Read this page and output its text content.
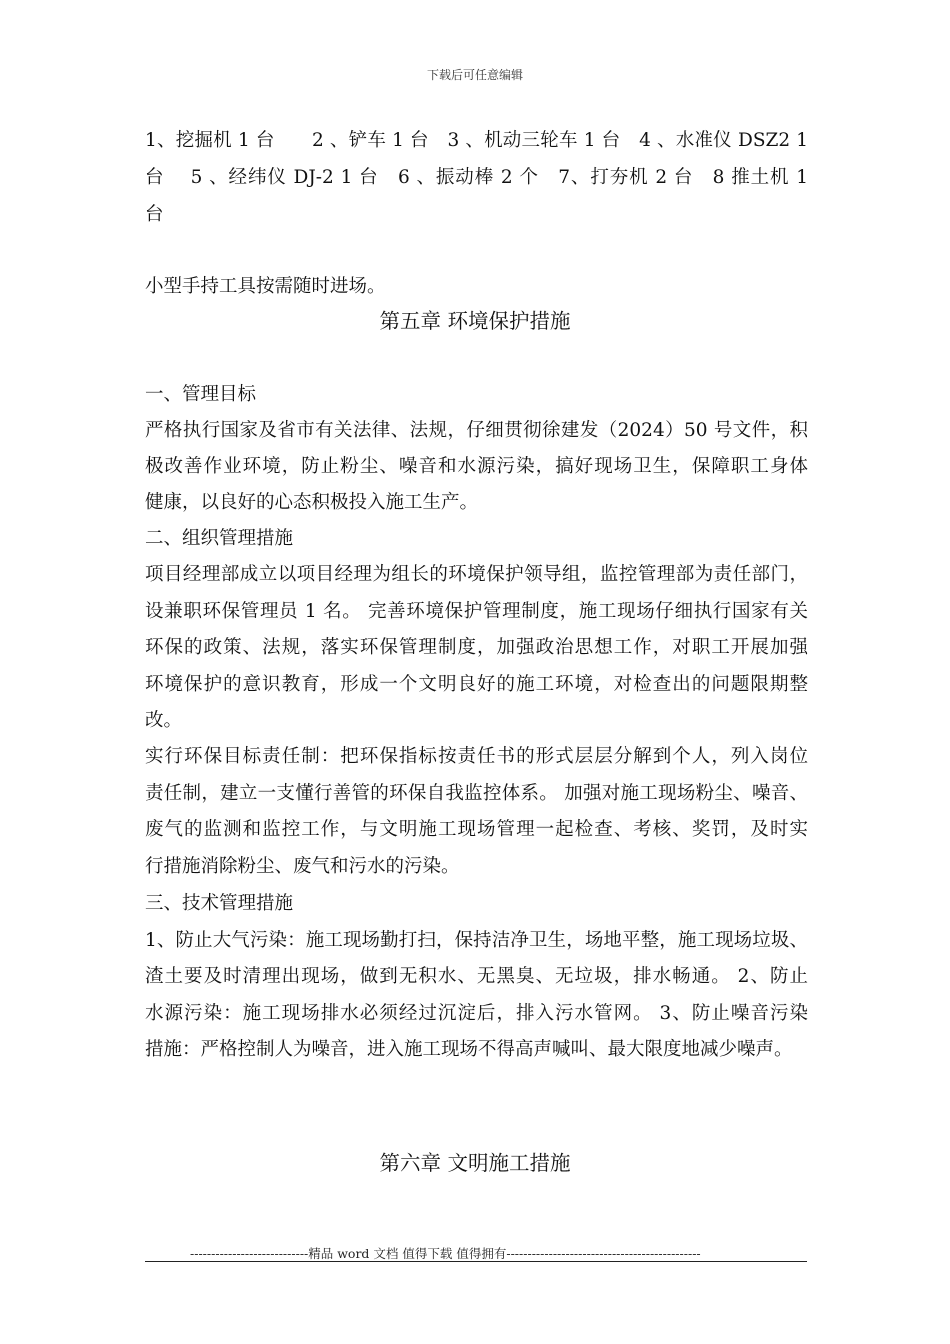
下载后可任意编辑
1、挖掘机 1 台　　2 、铲车 1 台　3 、机动三轮车 1 台　4 、水准仪 DSZ2 1
台　 5 、经纬仪 DJ-2 1 台　6 、振动棒 2 个　7、打夯机 2 台　8 推土机 1
台
小型手持工具按需随时进场。
一、管理目标
严格执行国家及省市有关法律、法规，仔细贯彻徐建发（2024）50 号文件，积
极改善作业环境，防止粉尘、噪音和水源污染，搞好现场卫生，保障职工身体
健康，以良好的心态积极投入施工生产。
二、组织管理措施
项目经理部成立以项目经理为组长的环境保护领导组，监控管理部为责任部门，
设兼职环保管理员 1 名。 完善环境保护管理制度，施工现场仔细执行国家有关
环保的政策、法规，落实环保管理制度，加强政治思想工作，对职工开展加强
环境保护的意识教育，形成一个文明良好的施工环境，对检查出的问题限期整
改。
实行环保目标责任制：把环保指标按责任书的形式层层分解到个人，列入岗位
责任制，建立一支懂行善管的环保自我监控体系。 加强对施工现场粉尘、噪音、
废气的监测和监控工作，与文明施工现场管理一起检查、考核、奖罚，及时实
行措施消除粉尘、废气和污水的污染。
三、技术管理措施
1、防止大气污染：施工现场勤打扫，保持洁净卫生，场地平整，施工现场垃圾、
渣土要及时清理出现场，做到无积水、无黑臭、无垃圾，排水畅通。 2、防止
水源污染：施工现场排水必须经过沉淀后，排入污水管网。 3、防止噪音污染
措施：严格控制人为噪音，进入施工现场不得高声喊叫、最大限度地减少噪声。
第五章 环境保护措施
第六章 文明施工措施
----------------------------精品 word 文档 值得下载 值得拥有----------------------------------------------
